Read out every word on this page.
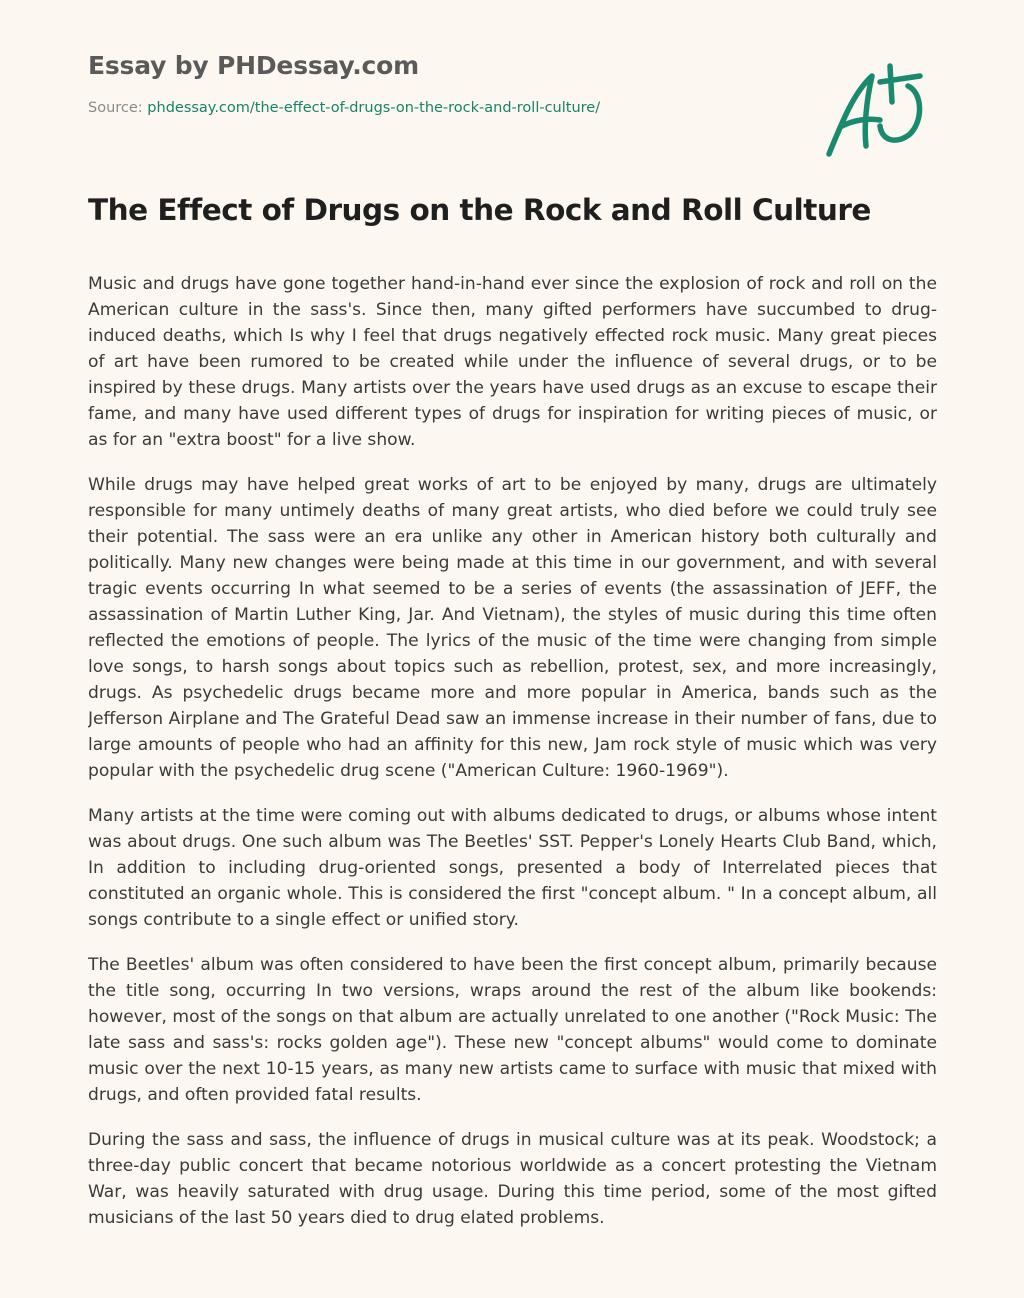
Essay by PHDessay.com
Source: phdessay.com/the-effect-of-drugs-on-the-rock-and-roll-culture/
The Effect of Drugs on the Rock and Roll Culture

Music and drugs have gone together hand-in-hand ever since the explosion of rock and roll on the American culture in the sass's. Since then, many gifted performers have succumbed to drug-induced deaths, which Is why I feel that drugs negatively effected rock music. Many great pieces of art have been rumored to be created while under the influence of several drugs, or to be inspired by these drugs. Many artists over the years have used drugs as an excuse to escape their fame, and many have used different types of drugs for inspiration for writing pieces of music, or as for an "extra boost" for a live show.

While drugs may have helped great works of art to be enjoyed by many, drugs are ultimately responsible for many untimely deaths of many great artists, who died before we could truly see their potential. The sass were an era unlike any other in American history both culturally and politically. Many new changes were being made at this time in our government, and with several tragic events occurring In what seemed to be a series of events (the assassination of JEFF, the assassination of Martin Luther King, Jar. And Vietnam), the styles of music during this time often reflected the emotions of people. The lyrics of the music of the time were changing from simple love songs, to harsh songs about topics such as rebellion, protest, sex, and more increasingly, drugs. As psychedelic drugs became more and more popular in America, bands such as the Jefferson Airplane and The Grateful Dead saw an immense increase in their number of fans, due to large amounts of people who had an affinity for this new, Jam rock style of music which was very popular with the psychedelic drug scene ("American Culture: 1960-1969").

Many artists at the time were coming out with albums dedicated to drugs, or albums whose intent was about drugs. One such album was The Beetles' SST. Pepper's Lonely Hearts Club Band, which, In addition to including drug-oriented songs, presented a body of Interrelated pieces that constituted an organic whole. This is considered the first "concept album. " In a concept album, all songs contribute to a single effect or unified story.

The Beetles' album was often considered to have been the first concept album, primarily because the title song, occurring In two versions, wraps around the rest of the album like bookends: however, most of the songs on that album are actually unrelated to one another ("Rock Music: The late sass and sass's: rocks golden age"). These new "concept albums" would come to dominate music over the next 10-15 years, as many new artists came to surface with music that mixed with drugs, and often provided fatal results.

During the sass and sass, the influence of drugs in musical culture was at its peak. Woodstock; a three-day public concert that became notorious worldwide as a concert protesting the Vietnam War, was heavily saturated with drug usage. During this time period, some of the most gifted musicians of the last 50 years died to drug elated problems.
